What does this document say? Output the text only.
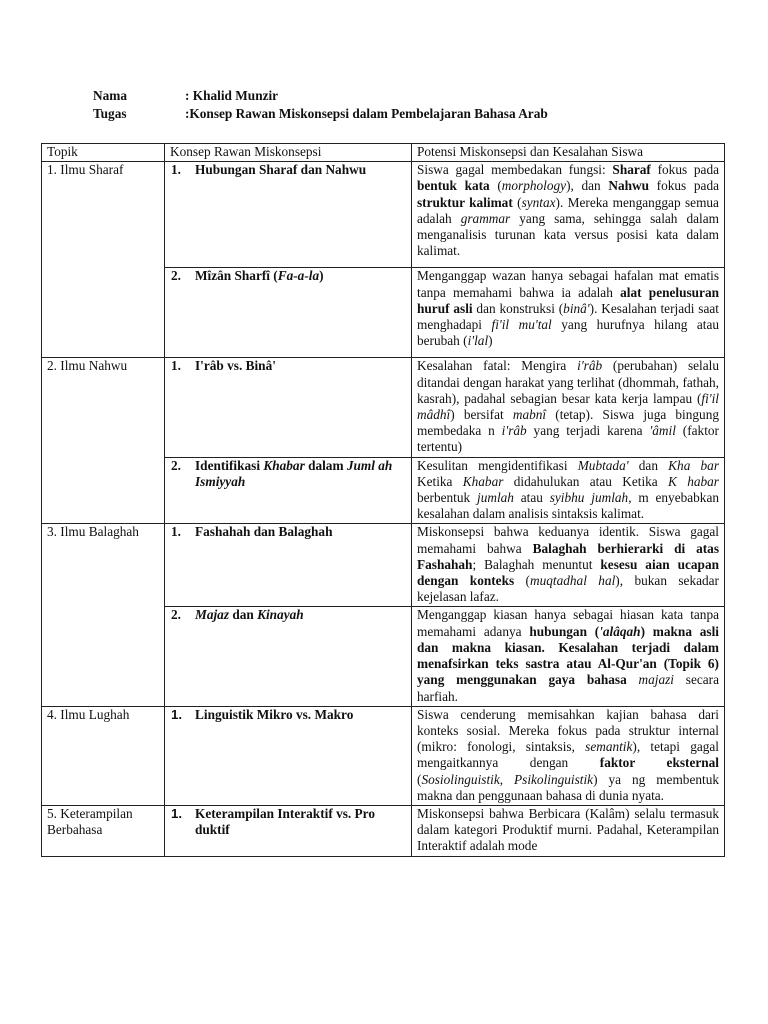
Nama	: Khalid Munzir
Tugas	:Konsep Rawan Miskonsepsi dalam Pembelajaran Bahasa Arab
Topik	Konsep Rawan Miskonsepsi	Potensi Miskonsepsi dan Kesalahan Siswa
1. Ilmu Sharaf	1. Hubungan Sharaf dan Nahwu	Siswa gagal membedakan fungsi: Sharaf fokus pada bentuk kata (morphology), dan Nahwu fokus pada struktur kalimat (syntax). Mereka menganggap semua adalah grammar yang sama, sehingga salah dalam menganalisis turunan kata versus posisi kata dalam kalimat.

	2. Mîzân Sharfî (Fa-a-la)	Menganggap wazan hanya sebagai hafalan mat ematis tanpa memahami bahwa ia adalah alat penelusuran huruf asli dan konstruksi (binâ'). Kesalahan terjadi saat menghadapi fi'il mu'tal yang hurufnya hilang atau berubah (i'lal)
2. Ilmu Nahwu	1. I'râb vs. Binâ'	Kesalahan fatal: Mengira i'râb (perubahan) selalu ditandai dengan harakat yang terlihat (dhommah, fathah, kasrah), padahal sebagian besar kata kerja lampau (fi'il mâdhî) bersifat mabnî (tetap). Siswa juga bingung membedaka n i'râb yang terjadi karena 'âmil (faktor tertentu)

	2. Identifikasi Khabar dalam Juml ah Ismiyyah	Kesulitan mengidentifikasi Mubtada' dan Kha bar Ketika Khabar didahulukan atau Ketika K habar berbentuk jumlah atau syibhu jumlah, m enyebabkan kesalahan dalam analisis sintaksis kalimat.
3. Ilmu Balaghah	1. Fashahah dan Balaghah	Miskonsepsi bahwa keduanya identik. Siswa gagal memahami bahwa Balaghah berhierarki di atas Fashahah; Balaghah menuntut kesesu aian ucapan dengan konteks (muqtadhal hal), bukan sekadar kejelasan lafaz.

	2. Majaz dan Kinayah	Menganggap kiasan hanya sebagai hiasan kata tanpa memahami adanya hubungan ('alâqah) makna asli dan makna kiasan. Kesalahan terjadi dalam menafsirkan teks sastra atau Al-Qur'an (Topik 6) yang menggunakan gaya bahasa majazi secara harfiah.
4. Ilmu Lughah	1. Linguistik Mikro vs. Makro	Siswa cenderung memisahkan kajian bahasa dari konteks sosial. Mereka fokus pada struktur internal (mikro: fonologi, sintaksis, semantik), tetapi gagal mengaitkannya dengan faktor eksternal (Sosiolinguistik, Psikolinguistik) ya ng membentuk makna dan penggunaan bahasa di dunia nyata.
5. Keterampilan Berbahasa	1. Keterampilan Interaktif vs. Pro duktif	Miskonsepsi bahwa Berbicara (Kalâm) selalu termasuk dalam kategori Produktif murni. Padahal, Keterampilan Interaktif adalah mode
